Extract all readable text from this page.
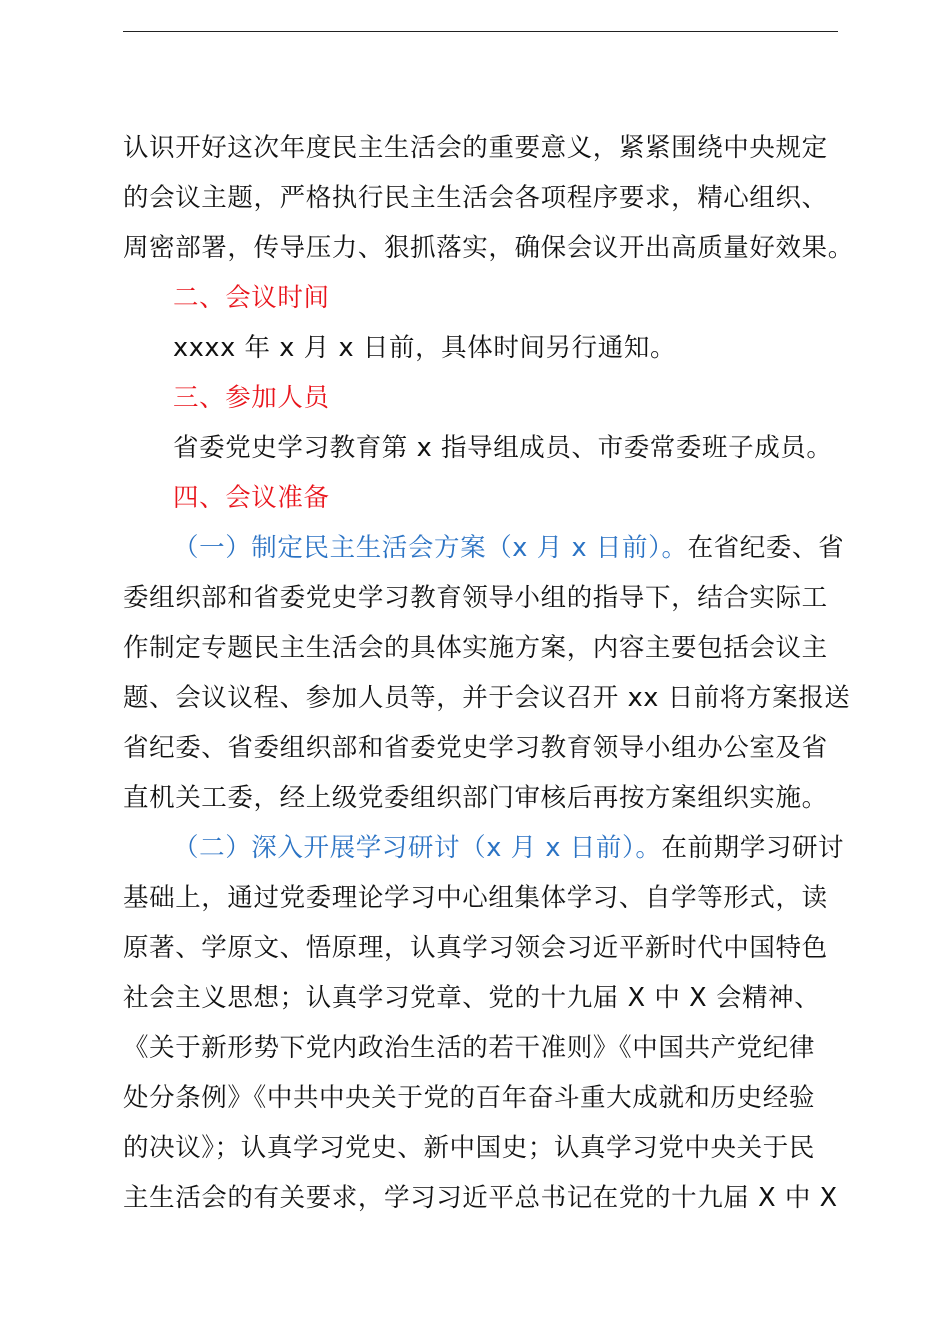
认识开好这次年度民主生活会的重要意义，紧紧围绕中央规定
的会议主题，严格执行民主生活会各项程序要求，精心组织、
周密部署，传导压力、狠抓落实，确保会议开出高质量好效果。
二、会议时间
xxxx 年 x 月 x 日前，具体时间另行通知。
三、参加人员
省委党史学习教育第 x 指导组成员、市委常委班子成员。
四、会议准备
（一）制定民主生活会方案（x 月 x 日前）。在省纪委、省
委组织部和省委党史学习教育领导小组的指导下，结合实际工
作制定专题民主生活会的具体实施方案，内容主要包括会议主
题、会议议程、参加人员等，并于会议召开 xx 日前将方案报送
省纪委、省委组织部和省委党史学习教育领导小组办公室及省
直机关工委，经上级党委组织部门审核后再按方案组织实施。
（二）深入开展学习研讨（x 月 x 日前）。在前期学习研讨
基础上，通过党委理论学习中心组集体学习、自学等形式，读
原著、学原文、悟原理，认真学习领会习近平新时代中国特色
社会主义思想；认真学习党章、党的十九届 X 中 X 会精神、
《关于新形势下党内政治生活的若干准则》《中国共产党纪律
处分条例》《中共中央关于党的百年奋斗重大成就和历史经验
的决议》；认真学习党史、新中国史；认真学习党中央关于民
主生活会的有关要求，学习习近平总书记在党的十九届 X 中 X
